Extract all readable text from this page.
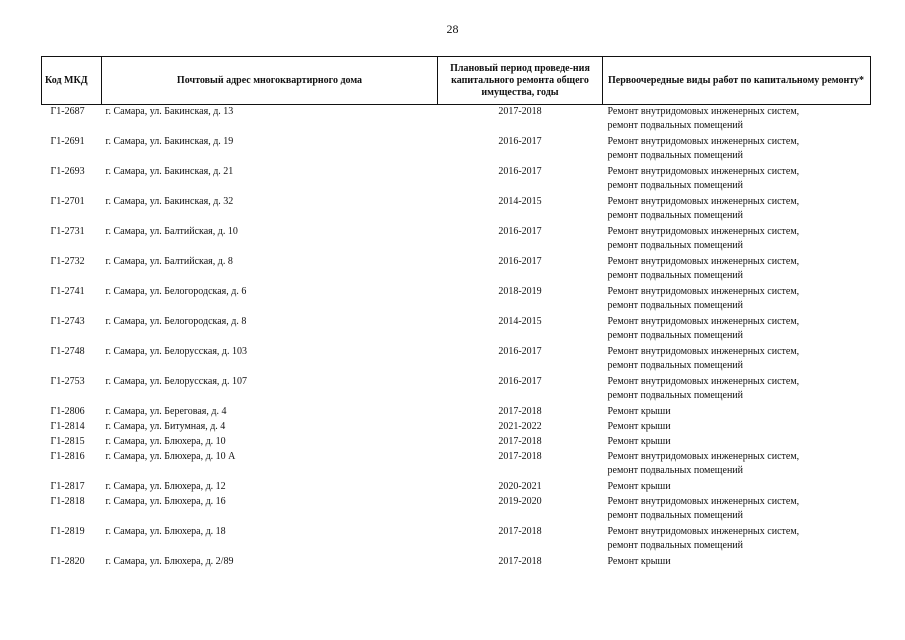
28
Код МКД	Почтовый адрес многоквартирного дома	Плановый период проведе-ния капитального ремонта общего имущества, годы	Первоочередные виды работ по капитальному ремонту*
Г1-2687	г. Самара, ул. Бакинская, д. 13	2017-2018	Ремонт внутридомовых инженерных систем,
ремонт подвальных помещений

Г1-2691	г. Самара, ул. Бакинская, д. 19	2016-2017	Ремонт внутридомовых инженерных систем,
ремонт подвальных помещений

Г1-2693	г. Самара, ул. Бакинская, д. 21	2016-2017	Ремонт внутридомовых инженерных систем,
ремонт подвальных помещений

Г1-2701	г. Самара, ул. Бакинская, д. 32	2014-2015	Ремонт внутридомовых инженерных систем,
ремонт подвальных помещений

Г1-2731	г. Самара, ул. Балтийская, д. 10	2016-2017	Ремонт внутридомовых инженерных систем,
ремонт подвальных помещений

Г1-2732	г. Самара, ул. Балтийская, д. 8	2016-2017	Ремонт внутридомовых инженерных систем,
ремонт подвальных помещений

Г1-2741	г. Самара, ул. Белогородская, д. 6	2018-2019	Ремонт внутридомовых инженерных систем,
ремонт подвальных помещений

Г1-2743	г. Самара, ул. Белогородская, д. 8	2014-2015	Ремонт внутридомовых инженерных систем,
ремонт подвальных помещений

Г1-2748	г. Самара, ул. Белорусская, д. 103	2016-2017	Ремонт внутридомовых инженерных систем,
ремонт подвальных помещений

Г1-2753	г. Самара, ул. Белорусская, д. 107	2016-2017	Ремонт внутридомовых инженерных систем,
ремонт подвальных помещений

Г1-2806	г. Самара, ул. Береговая, д. 4	2017-2018	Ремонт крыши

Г1-2814	г. Самара, ул. Битумная, д. 4	2021-2022	Ремонт крыши

Г1-2815	г. Самара, ул. Блюхера, д. 10	2017-2018	Ремонт крыши

Г1-2816	г. Самара, ул. Блюхера, д. 10 А	2017-2018	Ремонт внутридомовых инженерных систем,
ремонт подвальных помещений

Г1-2817	г. Самара, ул. Блюхера, д. 12	2020-2021	Ремонт крыши

Г1-2818	г. Самара, ул. Блюхера, д. 16	2019-2020	Ремонт внутридомовых инженерных систем,
ремонт подвальных помещений

Г1-2819	г. Самара, ул. Блюхера, д. 18	2017-2018	Ремонт внутридомовых инженерных систем,
ремонт подвальных помещений

Г1-2820	г. Самара, ул. Блюхера, д. 2/89	2017-2018	Ремонт крыши
